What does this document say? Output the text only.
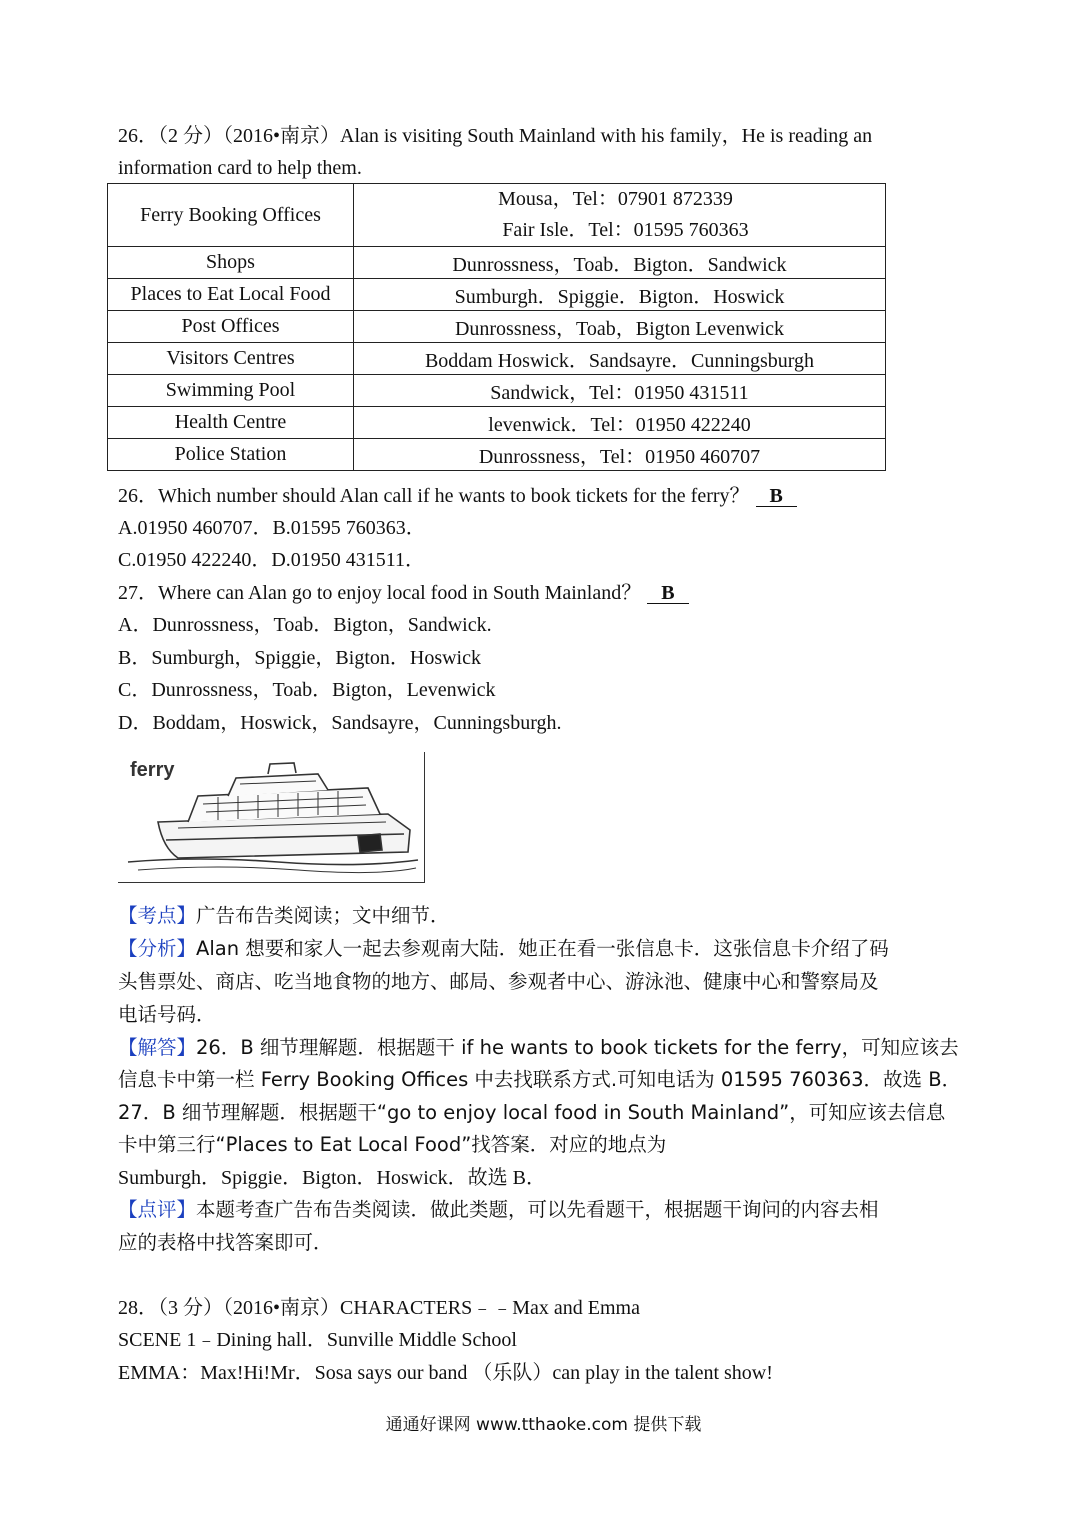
26．（2 分）（2016•南京）Alan is visiting South Mainland with his family，He is reading an
information card to help them.
Ferry Booking Offices	Mousa，Tel：07901 872339
Fair Isle．Tel：01595 760363

Shops	Dunrossness，Toab．Bigton．Sandwick
Places to Eat Local Food	Sumburgh．Spiggie．Bigton．Hoswick
Post Offices	Dunrossness，Toab，Bigton Levenwick
Visitors Centres	Boddam Hoswick．Sandsayre．Cunningsburgh
Swimming Pool	Sandwick，Tel：01950 431511
Health Centre	levenwick．Tel：01950 422240
Police Station	Dunrossness，Tel：01950 460707
26．Which number should Alan call if he wants to book tickets for the ferry？ B
A.01950 460707．B.01595 760363．
C.01950 422240．D.01950 431511．
27．Where can Alan go to enjoy local food in South Mainland？ B
A．Dunrossness，Toab．Bigton，Sandwick.
B．Sumburgh，Spiggie，Bigton．Hoswick
C．Dunrossness，Toab．Bigton，Levenwick
D．Boddam，Hoswick，Sandsayre，Cunningsburgh.
ferry
【考点】广告布告类阅读；文中细节．
【分析】Alan 想要和家人一起去参观南大陆．她正在看一张信息卡．这张信息卡介绍了码
头售票处、商店、吃当地食物的地方、邮局、参观者中心、游泳池、健康中心和警察局及
电话号码．
【解答】26．B 细节理解题．根据题干 if he wants to book tickets for the ferry，可知应该去
信息卡中第一栏 Ferry Booking Offices 中去找联系方式.可知电话为 01595 760363．故选 B．
27．B 细节理解题．根据题干“go to enjoy local food in South Mainland”，可知应该去信息
卡中第三行“Places to Eat Local Food”找答案．对应的地点为
Sumburgh．Spiggie．Bigton．Hoswick．故选 B．
【点评】本题考查广告布告类阅读．做此类题，可以先看题干，根据题干询问的内容去相
应的表格中找答案即可．
28．（3 分）（2016•南京）CHARACTERS﹣﹣Max and Emma
SCENE 1﹣Dining hall．Sunville Middle School
EMMA：Max!Hi!Mr．Sosa says our band （乐队）can play in the talent show!
通通好课网 www.tthaoke.com 提供下载
